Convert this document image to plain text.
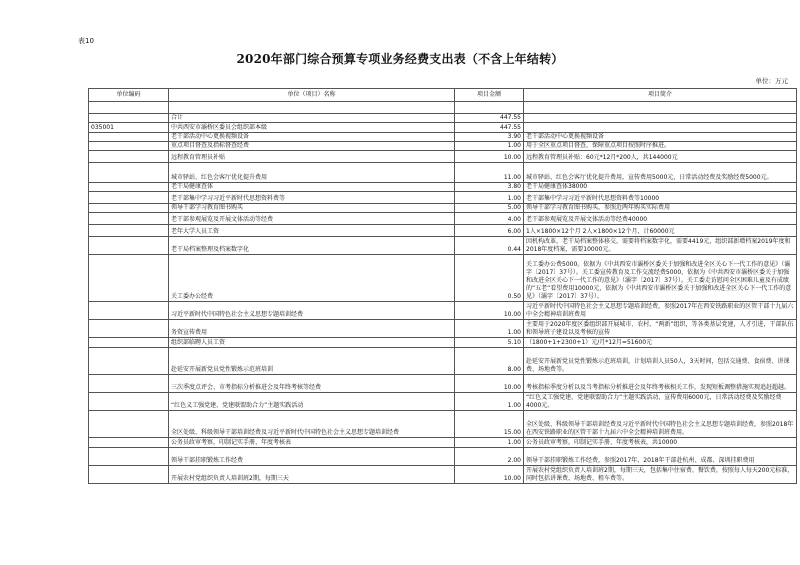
表10
2020年部门综合预算专项业务经费支出表（不含上年结转）
单位：万元
单位编码	单位（项目）名称	项目金额	项目简介

	合计	447.55	
035001	中共西安市灞桥区委员会组织部本级	447.55	
	老干部活动中心更换视频设备	3.90	老干部活动中心更换视频设备
	重点项目督查及指标督查经费	1.00	用于全区重点项目督查，保障重点项目按照时序推进。
	远程教育管理员补贴	10.00	远程教育管理员补贴：60元*12月*200人，共144000元
	城市驿站、红色会客厅优化提升费用	11.00	城市驿站、红色会客厅优化提升费用，宣传费用5000元，日常活动经费及奖励经费5000元。
	老干局健康查体	3.80	老干局健康查体38000
	老干部集中学习习近平新时代思想资料费等	1.00	老干部集中学习习近平新时代思想资料费等10000
	领导干部学习教育图书购买	5.00	领导干部学习教育图书购买，参照近两年购买实际费用
	老干部参观展览及开展文体活动等经费	4.00	老干部参观展览及开展文体活动等经费40000
	老年大学人员工资	6.00	1人×1800×12个月 2人×1800×12个月，计60000元
	老干局档案整理及档案数字化	0.44	因机构改革，老干局档案整体移交，需要将档案数字化，需要4419元，组织部新增档案2019年度和2018年度档案，需要10000元。
	关工委办公经费	0.50	关工委办公费5000。依据为《中共西安市灞桥区委关于加强和改进全区关心下一代工作的意见》（灞字〔2017〕37号）。关工委宣传教育及工作交流经费5000，依据为《中共西安市灞桥区委关于加强和改进全区关心下一代工作的意见》（灞字〔2017〕37号）。关工委走访慰问全区困难儿童及有成绩的“五老”看望费用10000元，依据为《中共西安市灞桥区委关于加强和改进全区关心下一代工作的意见》（灞字〔2017〕37号）。
	习近平新时代中国特色社会主义思想专题培训经费	10.00	习近平新时代中国特色社会主义思想专题培训经费，参照2017年在西安铁路职业的区管干部十九届六中全会精神培训班费用
	务资宣传费用	1.00	主要用于2020年度区委组织部开展城市、农村、“两新”组织，等各类基层党建，人才引进，干部队伍和领导班子建设以及考核的宣传
	组织部临聘人员工资	5.10	（1800+1+2300+1）元/月*12月=51600元
	赴延安开展新党员党性锻炼示范班培训	8.00	赴延安开展新党员党性锻炼示范班培训，计划培训人员50人，3天时间，包括交通费、食宿费、讲课费、场地费等。
	三次季度点评会、市考指标分析推进会及年终考核等经费	10.00	考核指标季度分析以及当考指标分析推进会及年终考核相关工作，发现短板调整措施实现追赶超越。
	“红色义工强党建，党建联盟助合力”主题实践活动	1.00	“红色义工强党建，党建联盟助合力”主题实践活动，宣传费用6000元，日常活动经费及奖励经费4000元。
	全区处级、科级领导干部培训经费及习近平新时代中国特色社会主义思想专题培训经费	15.00	全区处级、科级领导干部培训经费及习近平新时代中国特色社会主义思想专题培训经费，参照2018年在西安铁路职业的区管干部十九届六中全会精神培训班费用。
	公务员政审考察，印制记实手册、年度考核表	1.00	公务员政审考察，印制记实手册、年度考核表，共10000
	领导干部挂职锻炼工作经费	2.00	领导干部挂职锻炼工作经费，参照2017年、2018年干部赴杭州、成都、深圳挂职费用
	开展农村党组织负责人培训班2期，每期三天	10.00	开展农村党组织负责人培训班2期，每期三天，包括集中住宿费、餐饮费，按照每人每天200元标准，同时包括讲课费、场地费、租车费等。
